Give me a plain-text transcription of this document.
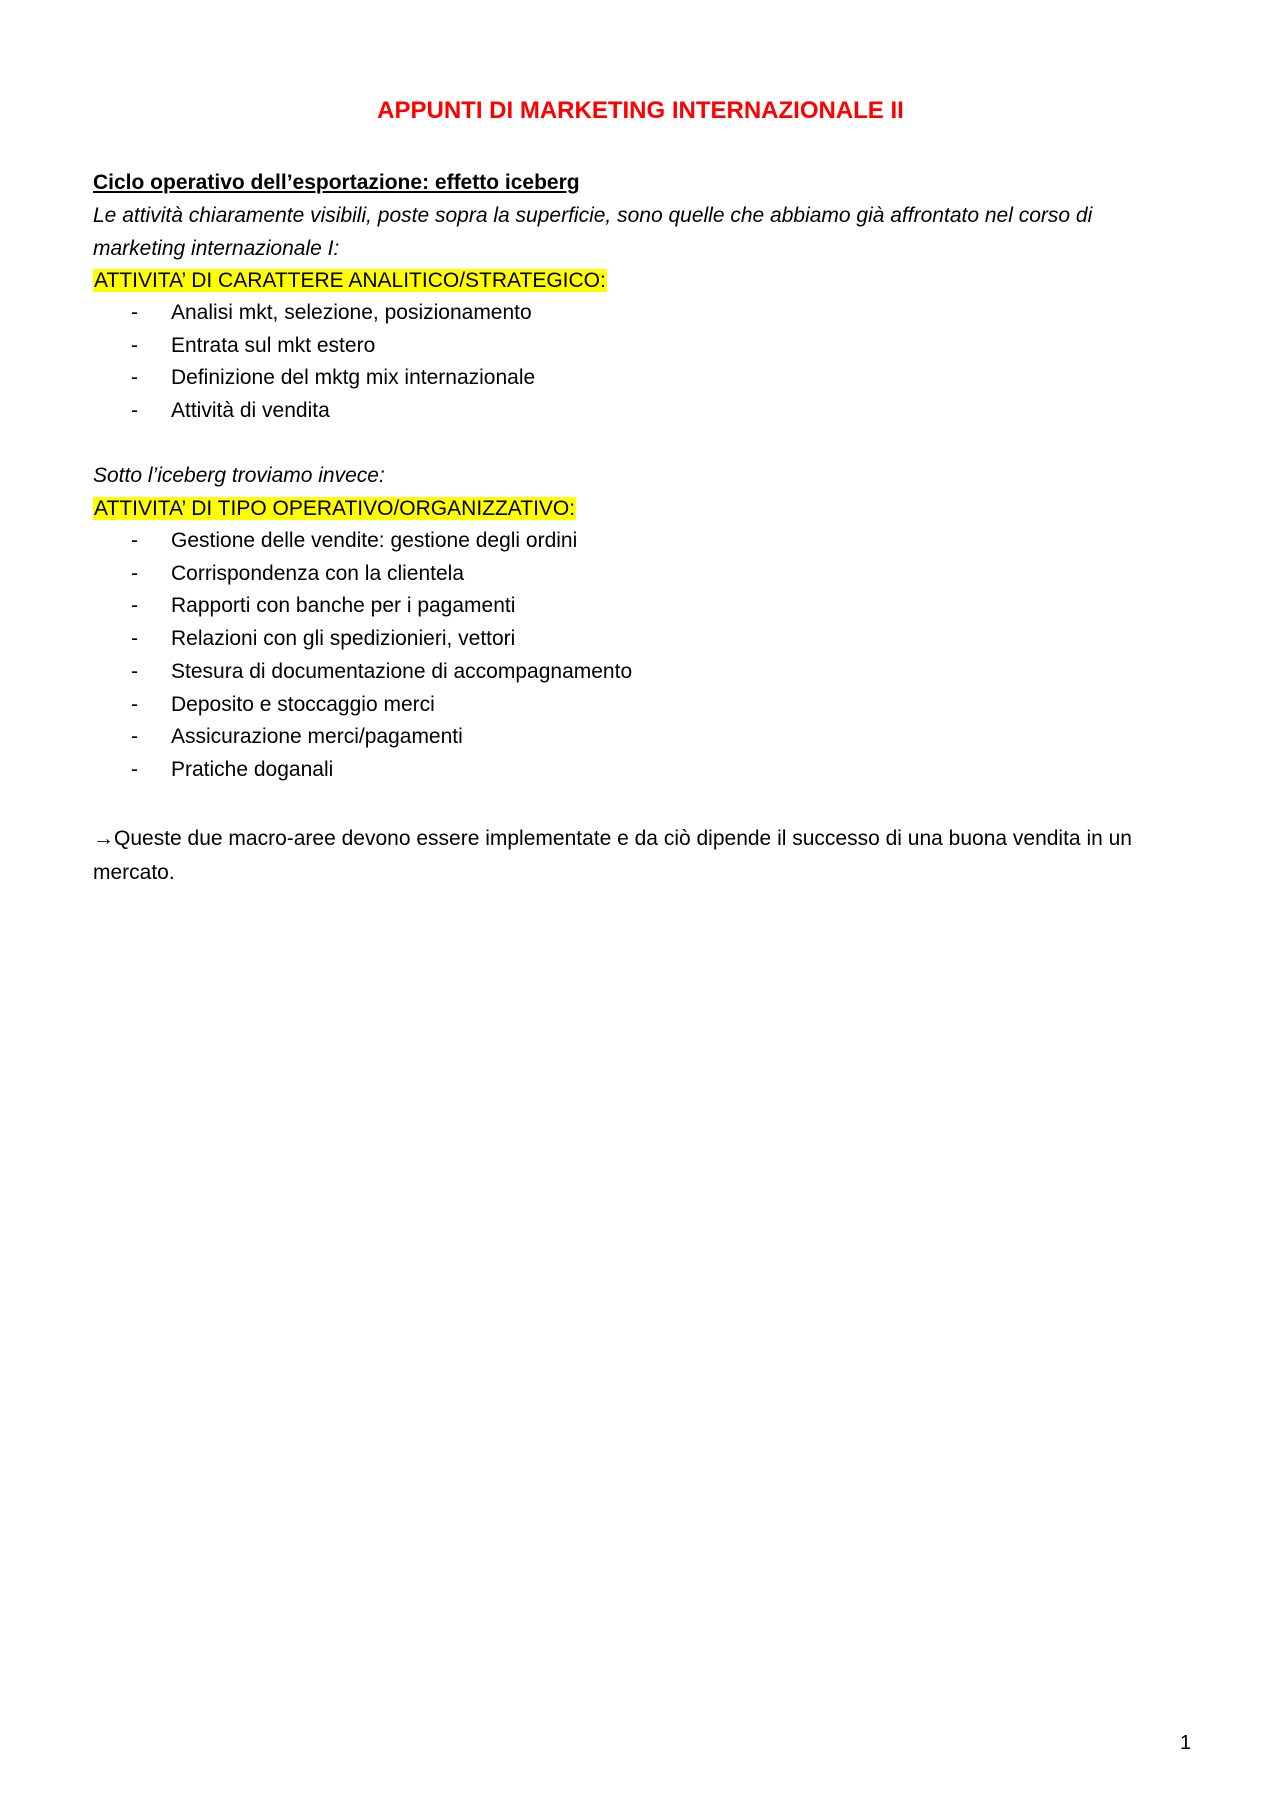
APPUNTI DI MARKETING INTERNAZIONALE II
Ciclo operativo dell’esportazione: effetto iceberg
Le attività chiaramente visibili, poste sopra la superficie, sono quelle che abbiamo già affrontato nel corso di marketing internazionale I:
ATTIVITA’ DI CARATTERE ANALITICO/STRATEGICO:
- Analisi mkt, selezione, posizionamento
- Entrata sul mkt estero
- Definizione del mktg mix internazionale
- Attività di vendita
Sotto l’iceberg troviamo invece:
ATTIVITA’ DI TIPO OPERATIVO/ORGANIZZATIVO:
- Gestione delle vendite: gestione degli ordini
- Corrispondenza con la clientela
- Rapporti con banche per i pagamenti
- Relazioni con gli spedizionieri, vettori
- Stesura di documentazione di accompagnamento
- Deposito e stoccaggio merci
- Assicurazione merci/pagamenti
- Pratiche doganali
→Queste due macro-aree devono essere implementate e da ciò dipende il successo di una buona vendita in un mercato.
1
